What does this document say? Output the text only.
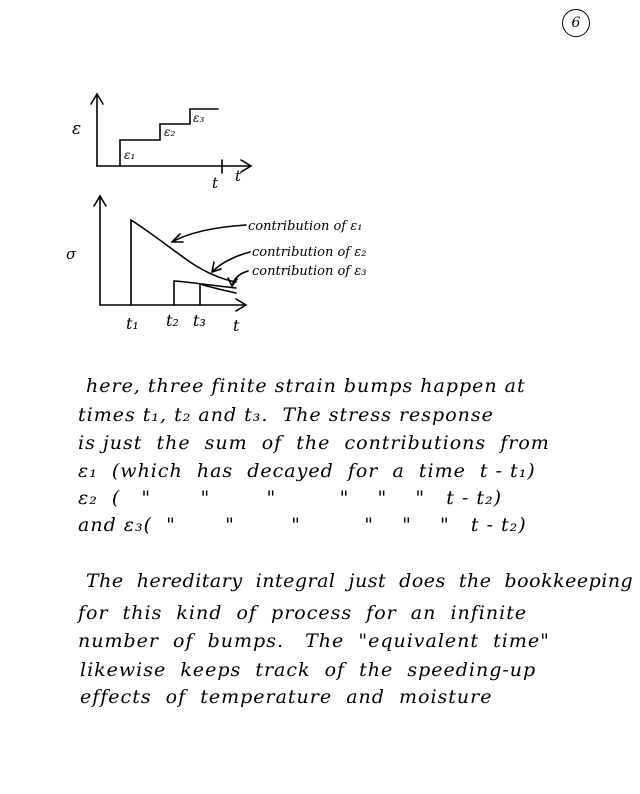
6
ε
ε₁
ε₂
ε₃
t t
σ
contribution of ε₁
contribution of ε₂
contribution of ε₃
t₁ t₂ t₃ t
here, three finite strain bumps happen at
times t₁, t₂ and t₃.  The stress response
is just  the  sum  of  the  contributions  from
ε₁  (which  has  decayed  for  a  time  t - t₁)
ε₂  (   "       "        "         "    "    "   t - t₂)
and ε₃(  "       "        "         "    "    "   t - t₂)
The  hereditary  integral  just  does  the  bookkeeping
for  this  kind  of  process  for  an  infinite
number  of  bumps.   The  "equivalent  time"
likewise  keeps  track  of  the  speeding-up
effects  of  temperature  and  moisture
